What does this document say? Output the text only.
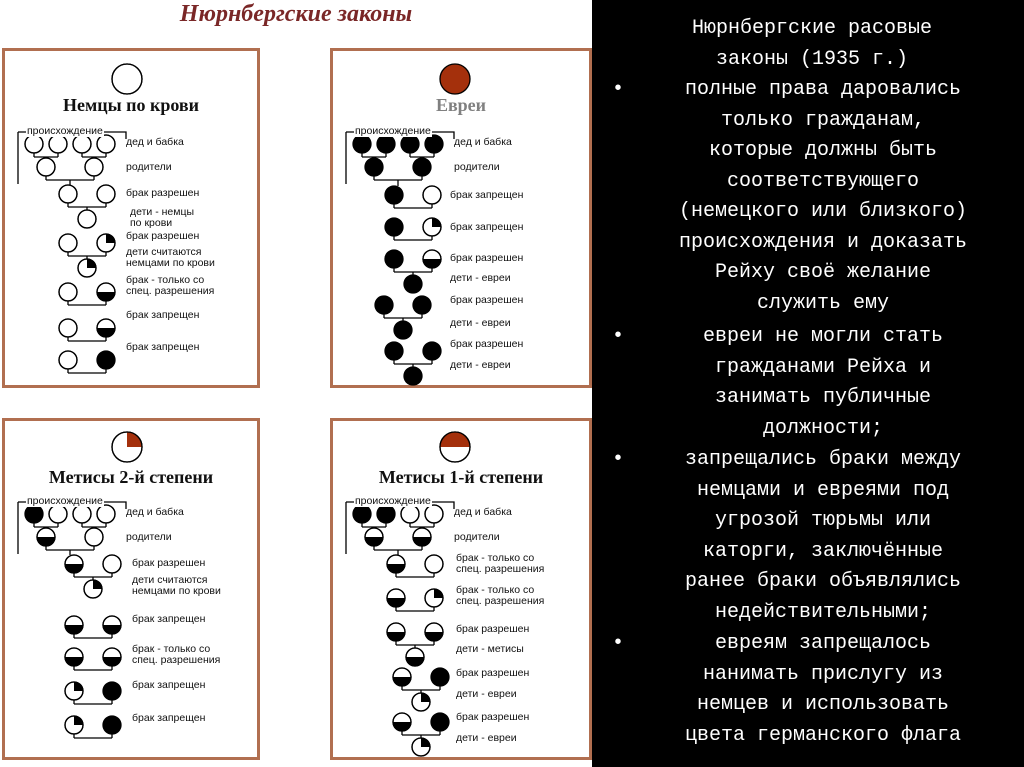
Нюрнбергские законы
Немцы по крови	Евреи
Метисы 2-й степени	Метисы 1-й степени
происхождение
дед и бабка
родители
брак разрешен
дети - немцы
по крови
брак разрешен
дети считаются
немцами по крови
брак - только со
спец. разрешения
брак запрещен
брак запрещен
происхождение
дед и бабка
родители
брак запрещен
брак запрещен
брак разрешен
дети - евреи
брак разрешен
дети - евреи
брак разрешен
дети - евреи
происхождение
дед и бабка
родители
брак разрешен
дети считаются
немцами по крови
брак запрещен
брак - только со
спец. разрешения
брак запрещен
брак запрещен
происхождение
дед и бабка
родители
брак - только со
спец. разрешения
брак - только со
спец. разрешения
брак разрешен
дети - метисы
брак разрешен
дети - евреи
брак разрешен
дети - евреи
Нюрнбергские расовые
законы (1935 г.)
•	полные права даровались
только гражданам,
которые должны быть
соответствующего
(немецкого или близкого)
происхождения и доказать
Рейху своё желание
служить ему
•	евреи не могли стать
гражданами Рейха и
занимать публичные
должности;
•	запрещались браки между
немцами и евреями под
угрозой тюрьмы или
каторги, заключённые
ранее браки объявлялись
недействительными;
•	евреям запрещалось
нанимать прислугу из
немцев и использовать
цвета германского флага
